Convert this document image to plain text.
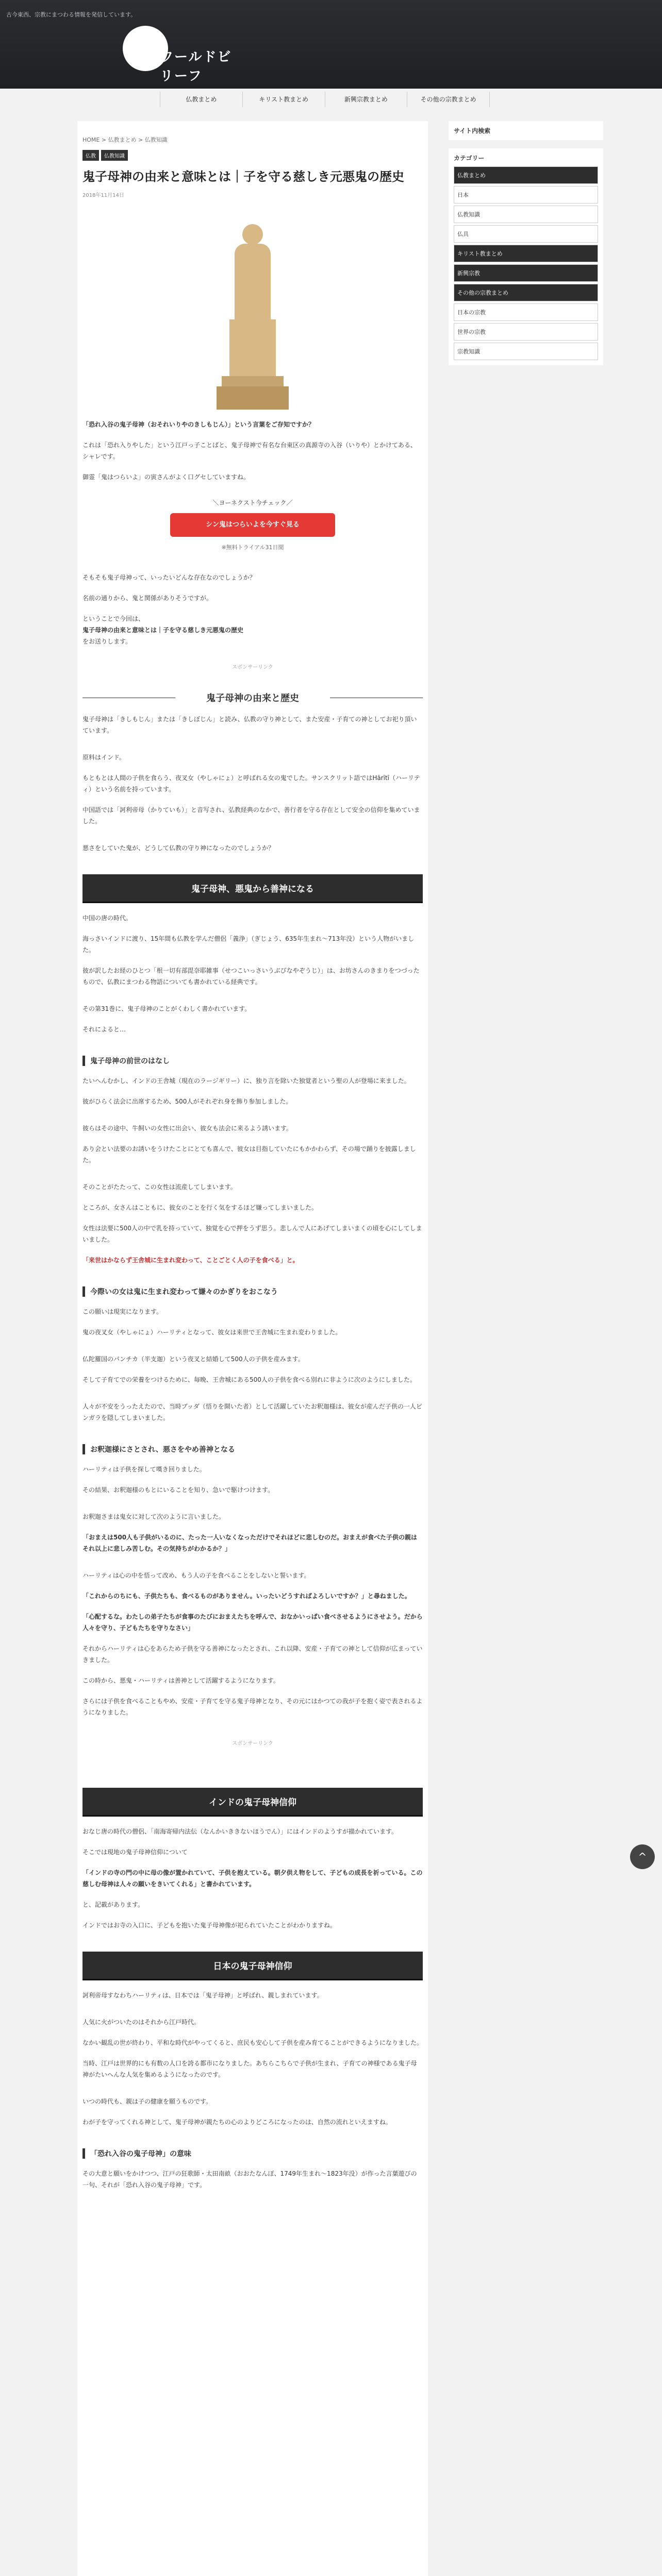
古今東西、宗教にまつわる情報を発信しています。
ワールドビリーフ
仏教まとめ	キリスト教まとめ	新興宗教まとめ	その他の宗教まとめ
HOME > 仏教まとめ > 仏教知識
仏教	仏教知識
鬼子母神の由来と意味とは｜子を守る慈しき元悪鬼の歴史
2018年11月14日

「恐れ入谷の鬼子母神（おそれいりやのきしもじん）」という言葉をご存知ですか？

これは「恐れ入りやした」という江戸っ子ことばと、鬼子母神で有名な台東区の真源寺の入谷（いりや）とかけてある、シャレです。

御霊「鬼はつらいよ」の寅さんがよく口グセしていますね。

＼ヨーネクスト今チェック／
シン鬼はつらいよを今すぐ見る
※無料トライアル31日間

そもそも鬼子母神って、いったいどんな存在なのでしょうか？

名前の通りから、鬼と関係がありそうですが。

ということで今回は、

鬼子母神の由来と意味とは｜子を守る慈しき元悪鬼の歴史

をお送りします。

スポンサーリンク
鬼子母神の由来と歴史

鬼子母神は「きしもじん」または「きしぼじん」と読み、仏教の守り神として、また安産・子育ての神としてお祀り頂いています。

原料はインド。

もともとは人間の子供を食らう、夜叉女（やしゃにょ）と呼ばれる女の鬼でした。サンスクリット語ではHārītī（ハーリティ）という名前を持っています。

中国語では「訶利帝母（かりていも）」と音写され、弘教経典のなかで、善行者を守る存在として安全の信仰を集めていました。

悪さをしていた鬼が、どうして仏教の守り神になったのでしょうか？

鬼子母神、悪鬼から善神になる

中国の唐の時代。

海っさいインドに渡り、15年間も仏教を学んだ僧侶「義浄」（ぎじょう、635年生まれ〜713年没）という人物がいました。

彼が訳したお経のひとつ「根一切有部毘奈耶雑事（せつこいっさいうぶびなやぞうじ）」は、お坊さんのきまりをつづったもので、仏教にまつわる物語についても書かれている経典です。

その第31巻に、鬼子母神のことがくわしく書かれています。

それによると…

鬼子母神の前世のはなし

たいへんむかし、インドの王舎城（現在のラージギリー）に、独り言を除いた独覚者という聖の人が登場に来ました。

彼がひらく法会に出席するため、500人がそれぞれ身を飾り参加しました。

彼らはその途中、牛飼いの女性に出会い、彼女も法会に来るよう誘います。

あり会とい法要のお誘いをうけたことにとても喜んで、彼女は目指していたにもかかわらず、その場で踊りを披露しました。

そのことがたたって、この女性は流産してしまいます。

ところが、女さんはこともに、彼女のことを行く気をするほど嫌ってしまいました。

女性は法要に500人の中で乳を持っていて、独覚を心で押をうず思う。悲しんで人にあげてしまいまくの頃を心にしてしまいました。

「来世はかならず王舎城に生まれ変わって、ことごとく人の子を食べる」と。

今際いの女は鬼に生まれ変わって嫌々のかぎりをおこなう

この願いは現実になります。

鬼の夜叉女（やしゃにょ）ハーリティとなって、彼女は来世で王舎城に生まれ変わりました。

仏陀羅国のパンチカ（半支迦）という夜叉と結婚して500人の子供を産みます。

そして子育てでの栄養をつけるために、毎晩、王舎城にある500人の子供を食べる別れに非ように次のようにしました。

人々が不安をうったえたので、当時ブッダ（悟りを開いた者）として活躍していたお釈迦様は、彼女が産んだ子供の一人ピンガラを隠してしまいました。

お釈迦様にさとされ、悪さをやめ善神となる

ハーリティは子供を探して嘆き回りました。

その結果、お釈迦様のもとにいることを知り、急いで駆けつけます。

お釈迦さまは鬼女に対して次のように言いました。

「おまえは500人も子供がいるのに、たった一人いなくなっただけでそれほどに悲しむのだ。おまえが食べた子供の親はそれ以上に悲しみ苦しむ。その気持ちがわかるか？」

ハーリティは心の中を悟って改め、もう人の子を食べることをしないと誓います。

「これからのちにも、子供たちも、食べるものがありません。いったいどうすればよろしいですか？」と尋ねました。

「心配するな。わたしの弟子たちが食事のたびにおまえたちを呼んで、おなかいっぱい食べさせるようにさせよう。だから人々を守り、子どもたちを守りなさい」

それからハーリティは心をあらため子供を守る善神になったとされ、これ以降、安産・子育ての神として信仰が広まっていきました。

この時から、悪鬼・ハーリティは善神として活躍するようになります。

さらには子供を食べることもやめ、安産・子育てを守る鬼子母神となり、その元にはかつての我が子を抱く姿で表されるようになりました。

スポンサーリンク
インドの鬼子母神信仰

おなじ唐の時代の僧侶、「南海寄帰内法伝（なんかいききないほうでん）」にはインドのようすが描かれています。

そこでは現地の鬼子母神信仰について

「インドの寺の門の中に母の像が置かれていて、子供を抱えている。朝夕供え物をして、子どもの成長を祈っている。この慈しむ母神は人々の願いをきいてくれる」と書かれています。

と、記載があります。

インドではお寺の入口に、子どもを抱いた鬼子母神像が祀られていたことがわかりますね。

日本の鬼子母神信仰

訶利帝母すなわちハーリティは、日本では「鬼子母神」と呼ばれ、親しまれています。

人気に火がついたのはそれから江戸時代。

なかい観乱の世が終わり、平和な時代がやってくると、庶民も安心して子供を産み育てることができるようになりました。

当時、江戸は世界的にも有数の人口を誇る都市になりました。あちらこちらで子供が生まれ、子育ての神様である鬼子母神がたいへんな人気を集めるようになったのです。

いつの時代も、親は子の健康を願うものです。

わが子を守ってくれる神として、鬼子母神が親たちの心のよりどころになったのは、自然の流れといえますね。

「恐れ入谷の鬼子母神」の意味

その大意と願いをかけつつ、江戸の狂歌師・太田南畝（おおたなんぽ、1749年生まれ〜1823年没）が作った言葉遊びの一句、それが「恐れ入谷の鬼子母神」です。

サイト内検索
カテゴリー
仏教まとめ
日本
仏教知識
仏具
キリスト教まとめ
新興宗教
その他の宗教まとめ
日本の宗教
世界の宗教
宗教知識
^
